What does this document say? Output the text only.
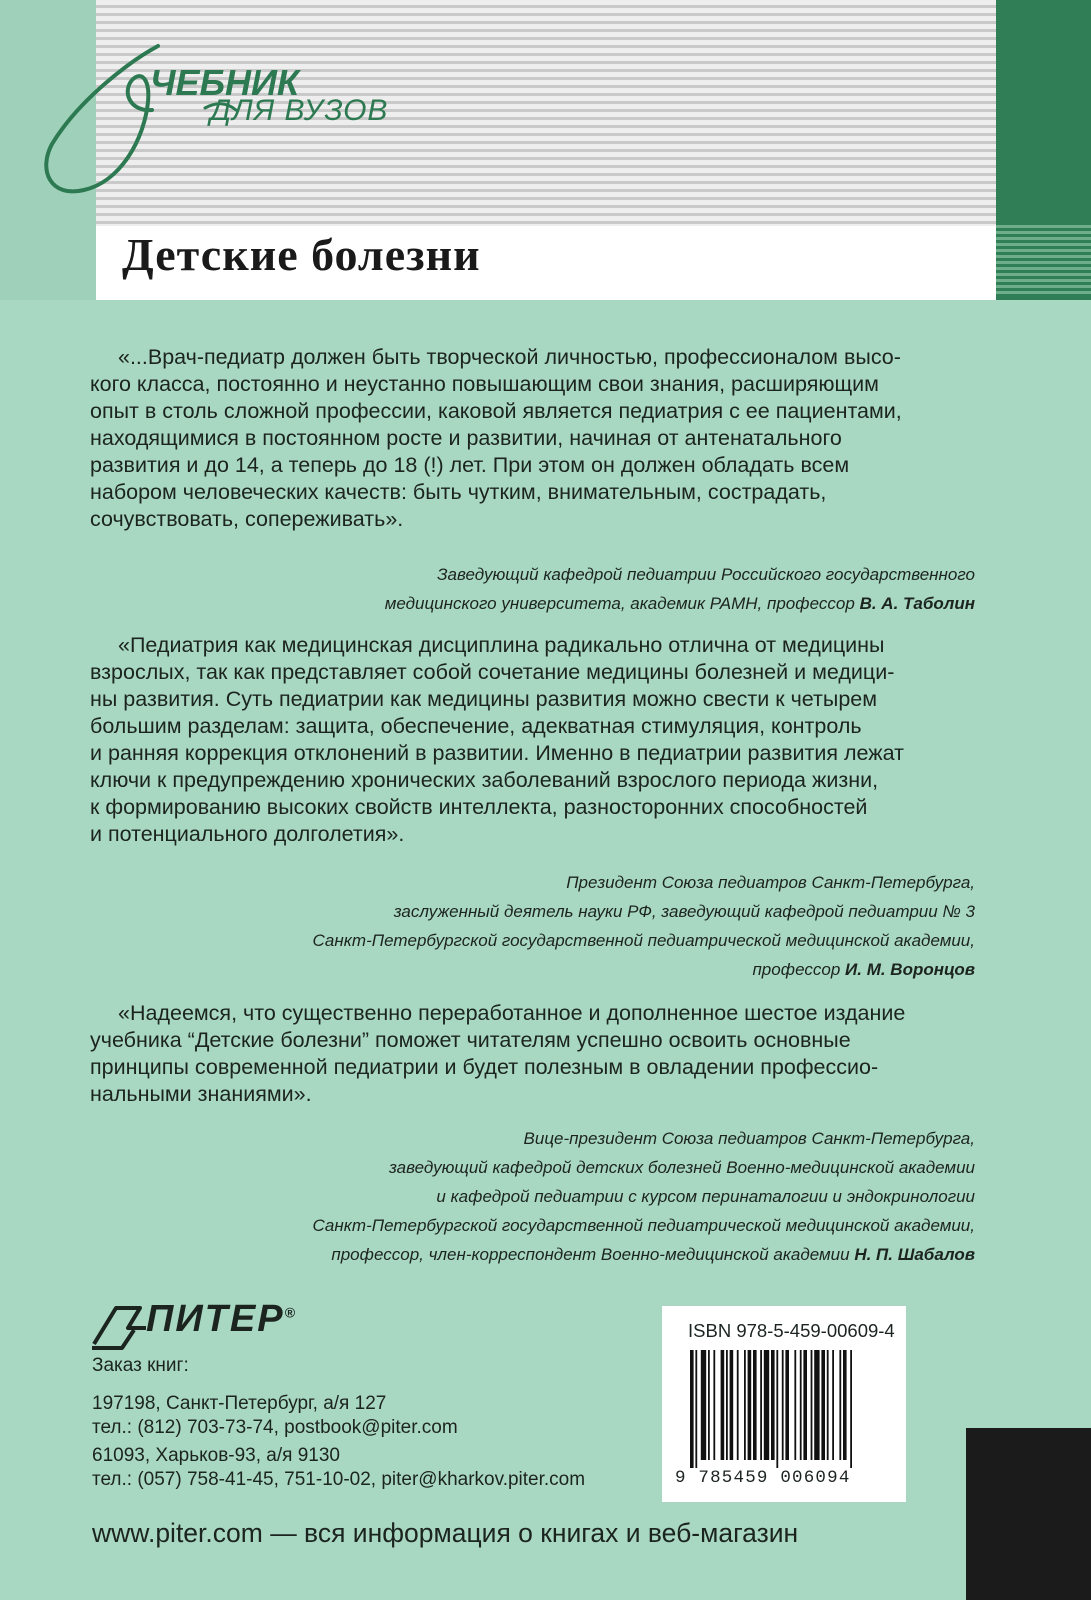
ЧЕБНИК
ДЛЯ ВУЗОВ
Детские болезни
«...Врач-педиатр должен быть творческой личностью, профессионалом высо-
кого класса, постоянно и неустанно повышающим свои знания, расширяющим
опыт в столь сложной профессии, каковой является педиатрия с ее пациентами,
находящимися в постоянном росте и развитии, начиная от антенатального
развития и до 14, а теперь до 18 (!) лет. При этом он должен обладать всем
набором человеческих качеств: быть чутким, внимательным, сострадать,
сочувствовать, сопереживать».
Заведующий кафедрой педиатрии Российского государственного
медицинского университета, академик РАМН, профессор В. А. Таболин
«Педиатрия как медицинская дисциплина радикально отлична от медицины
взрослых, так как представляет собой сочетание медицины болезней и медици-
ны развития. Суть педиатрии как медицины развития можно свести к четырем
большим разделам: защита, обеспечение, адекватная стимуляция, контроль
и ранняя коррекция отклонений в развитии. Именно в педиатрии развития лежат
ключи к предупреждению хронических заболеваний взрослого периода жизни,
к формированию высоких свойств интеллекта, разносторонних способностей
и потенциального долголетия».
Президент Союза педиатров Санкт-Петербурга,
заслуженный деятель науки РФ, заведующий кафедрой педиатрии № 3
Санкт-Петербургской государственной педиатрической медицинской академии,
профессор И. М. Воронцов
«Надеемся, что существенно переработанное и дополненное шестое издание
учебника “Детские болезни” поможет читателям успешно освоить основные
принципы современной педиатрии и будет полезным в овладении профессио-
нальными знаниями».
Вице-президент Союза педиатров Санкт-Петербурга,
заведующий кафедрой детских болезней Военно-медицинской академии
и кафедрой педиатрии с курсом перинаталогии и эндокринологии
Санкт-Петербургской государственной педиатрической медицинской академии,
профессор, член-корреспондент Военно-медицинской академии Н. П. Шабалов
ПИТЕР®
Заказ книг:
197198, Санкт-Петербург, а/я 127
тел.: (812) 703-73-74, postbook@piter.com
61093, Харьков-93, а/я 9130
тел.: (057) 758-41-45, 751-10-02, piter@kharkov.piter.com
ISBN 978-5-459-00609-4
9 785459 006094
www.piter.com — вся информация о книгах и веб-магазин
